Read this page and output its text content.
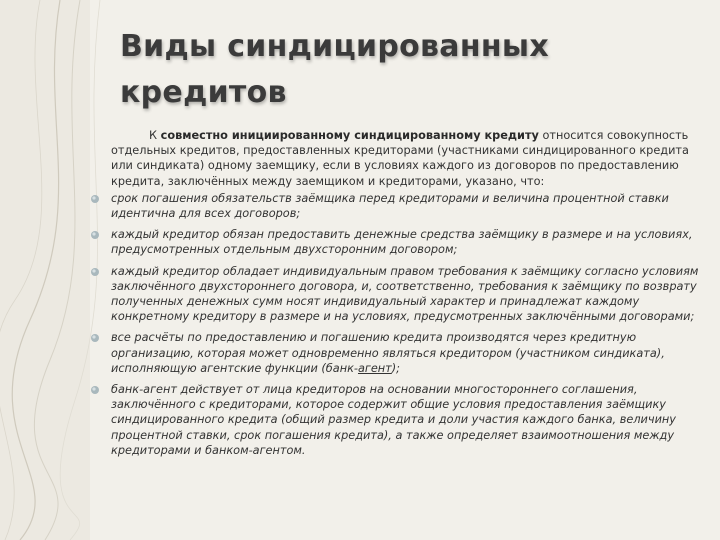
Виды синдицированных
кредитов

К совместно инициированному синдицированному кредиту относится совокупность отдельных кредитов, предоставленных кредиторами (участниками синдицированного кредита или синдиката) одному заемщику, если в условиях каждого из договоров по предоставлению кредита, заключённых между заемщиком и кредиторами, указано, что:

срок погашения обязательств заёмщика перед кредиторами и величина процентной ставки идентична для всех договоров;
каждый кредитор обязан предоставить денежные средства заёмщику в размере и на условиях, предусмотренных отдельным двухсторонним договором;
каждый кредитор обладает индивидуальным правом требования к заёмщику согласно условиям заключённого двухстороннего договора, и, соответственно, требования к заёмщику по возврату полученных денежных сумм носят индивидуальный характер и принадлежат каждому конкретному кредитору в размере и на условиях, предусмотренных заключёнными договорами;
все расчёты по предоставлению и погашению кредита производятся через кредитную организацию, которая может одновременно являться кредитором (участником синдиката), исполняющую агентские функции (банк-агент);
банк-агент действует от лица кредиторов на основании многостороннего соглашения, заключённого с кредиторами, которое содержит общие условия предоставления заёмщику синдицированного кредита (общий размер кредита и доли участия каждого банка, величину процентной ставки, срок погашения кредита), а также определяет взаимоотношения между кредиторами и банком-агентом.
